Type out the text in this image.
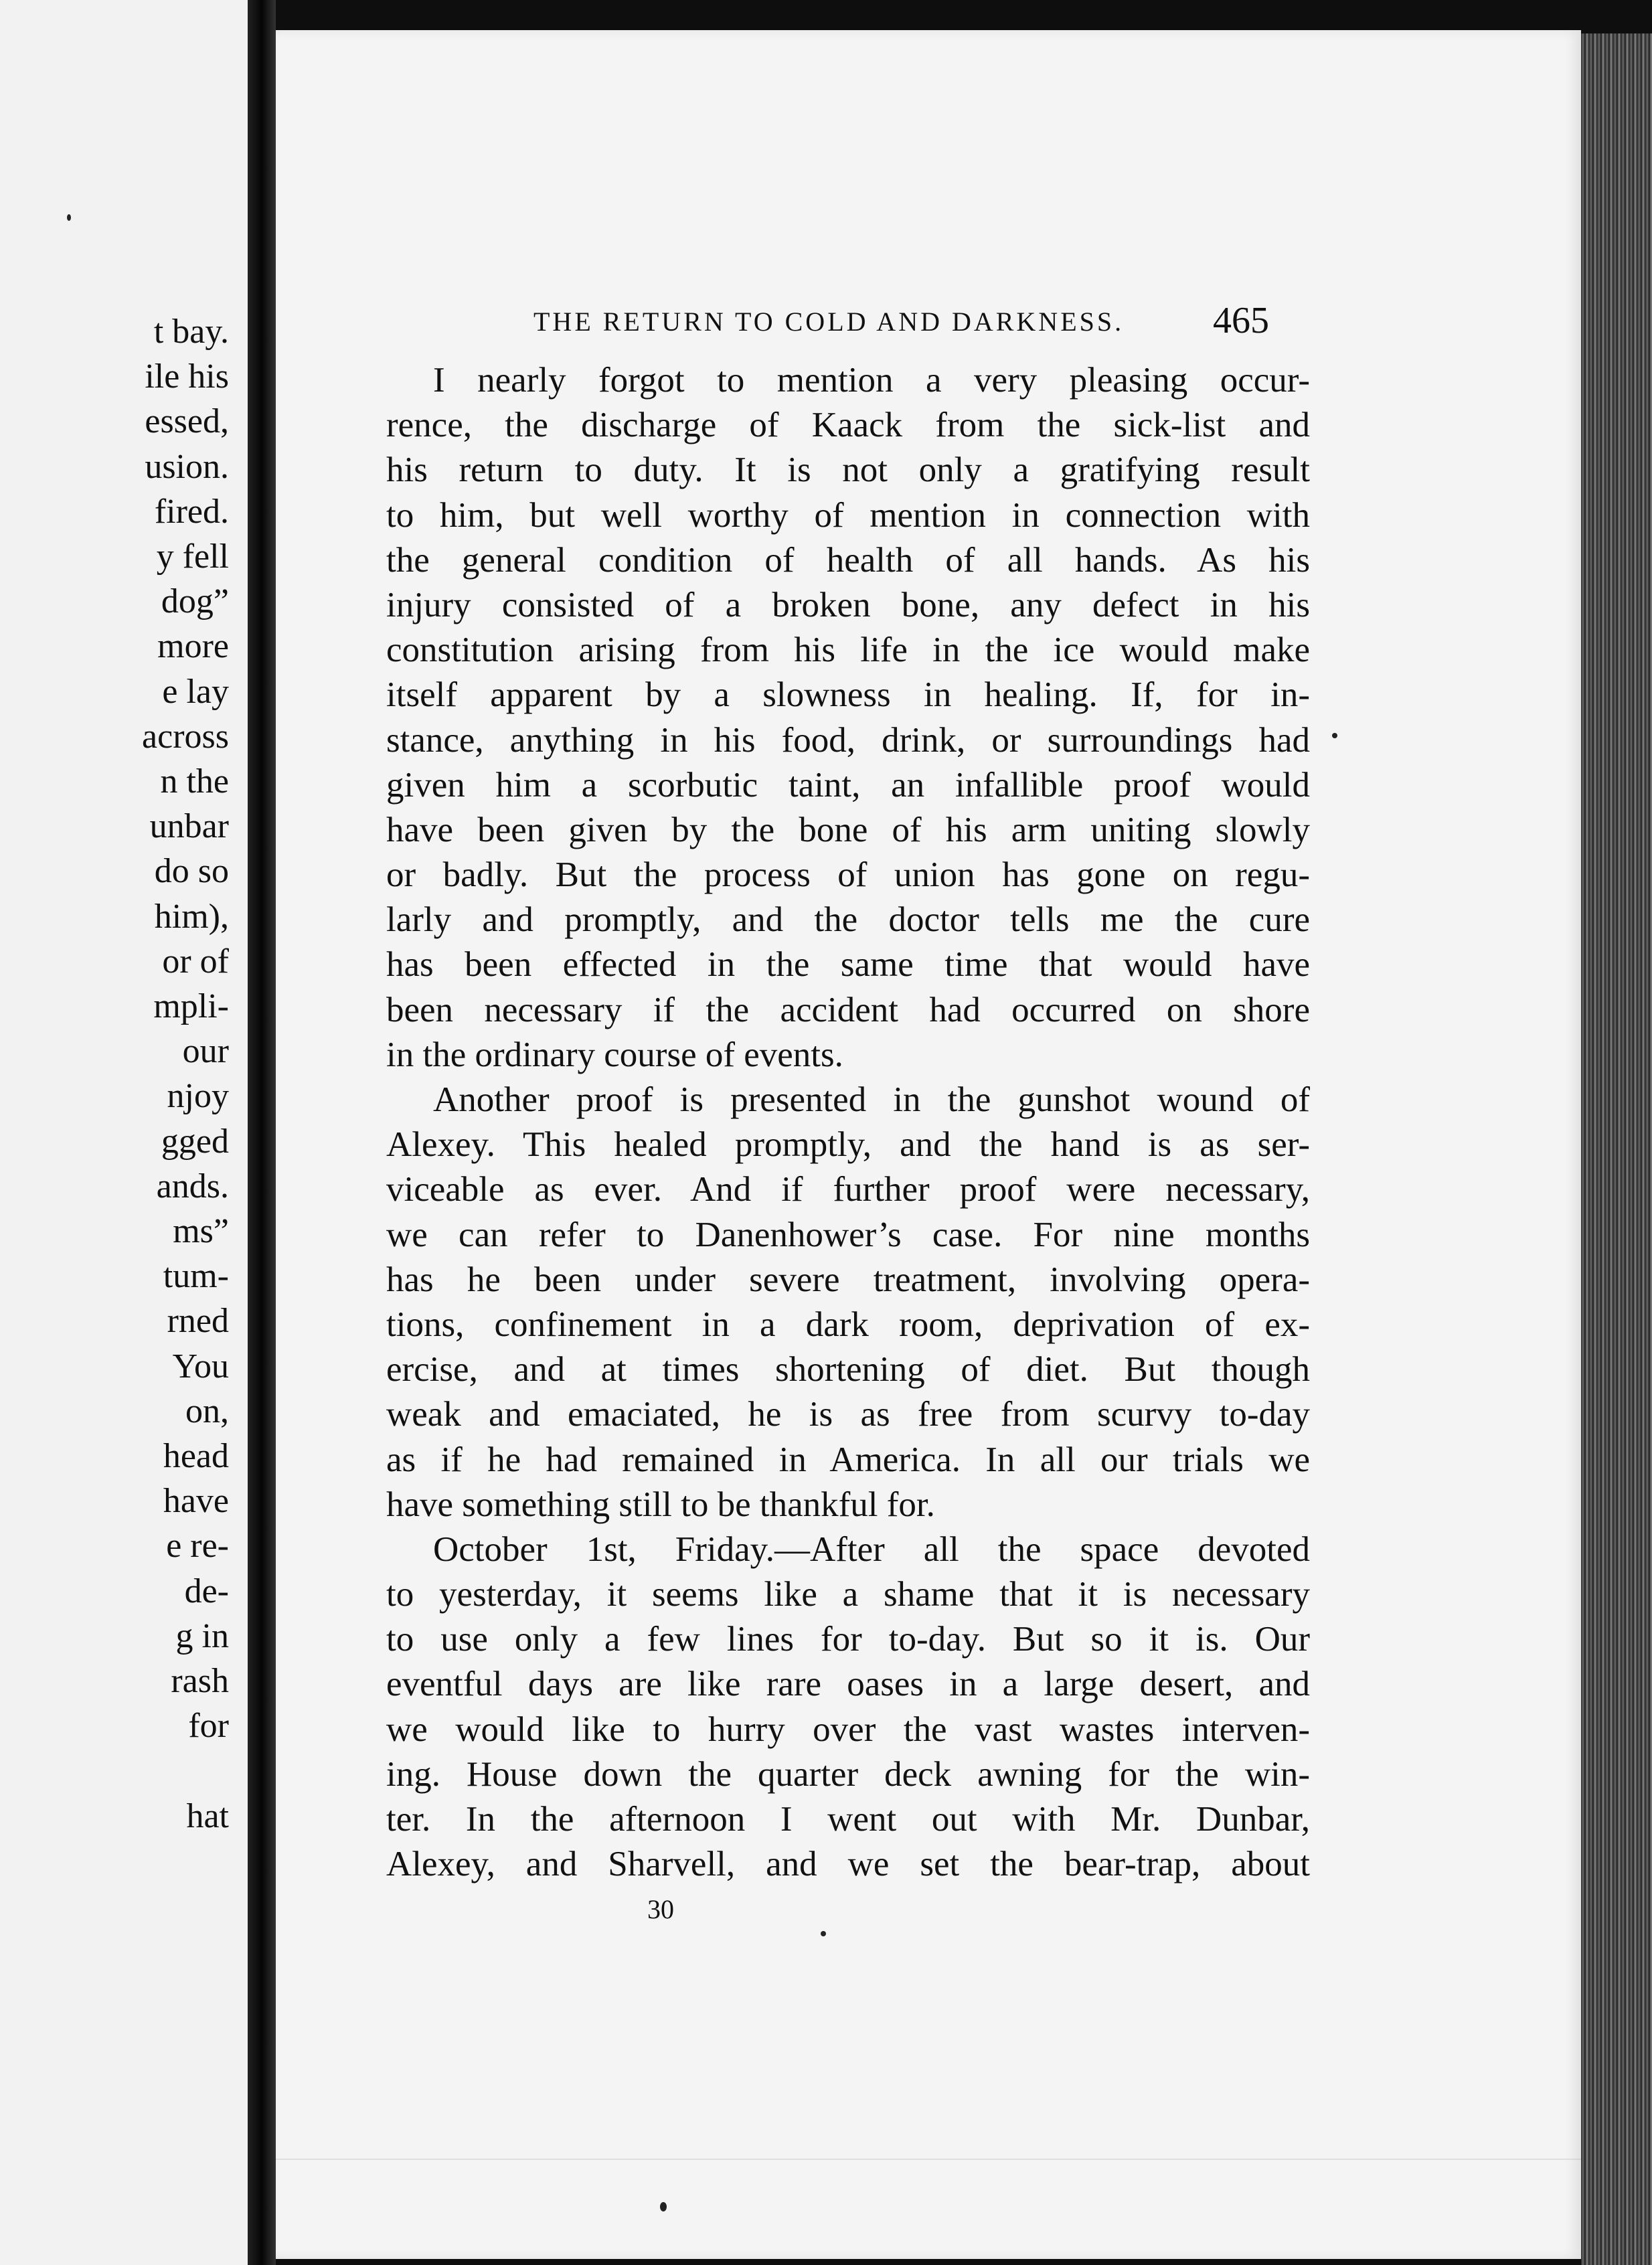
t bay.
ile his
essed,
usion.
fired.
y fell
dog”
more
e lay
across
n the
unbar
do so
him),
or of
mpli-
our
njoy
gged
ands.
ms”
tum-
rned
You
on,
head
have
e re-
de-
g in
rash
for
hat
THE RETURN TO COLD AND DARKNESS. 465
I nearly forgot to mention a very pleasing occur-
rence, the discharge of Kaack from the sick-list and
his return to duty. It is not only a gratifying result
to him, but well worthy of mention in connection with
the general condition of health of all hands. As his
injury consisted of a broken bone, any defect in his
constitution arising from his life in the ice would make
itself apparent by a slowness in healing. If, for in-
stance, anything in his food, drink, or surroundings had
given him a scorbutic taint, an infallible proof would
have been given by the bone of his arm uniting slowly
or badly. But the process of union has gone on regu-
larly and promptly, and the doctor tells me the cure
has been effected in the same time that would have
been necessary if the accident had occurred on shore
in the ordinary course of events.
Another proof is presented in the gunshot wound of
Alexey. This healed promptly, and the hand is as ser-
viceable as ever. And if further proof were necessary,
we can refer to Danenhower’s case. For nine months
has he been under severe treatment, involving opera-
tions, confinement in a dark room, deprivation of ex-
ercise, and at times shortening of diet. But though
weak and emaciated, he is as free from scurvy to-day
as if he had remained in America. In all our trials we
have something still to be thankful for.
October 1st, Friday.—After all the space devoted
to yesterday, it seems like a shame that it is necessary
to use only a few lines for to-day. But so it is. Our
eventful days are like rare oases in a large desert, and
we would like to hurry over the vast wastes interven-
ing. House down the quarter deck awning for the win-
ter. In the afternoon I went out with Mr. Dunbar,
Alexey, and Sharvell, and we set the bear-trap, about
30
